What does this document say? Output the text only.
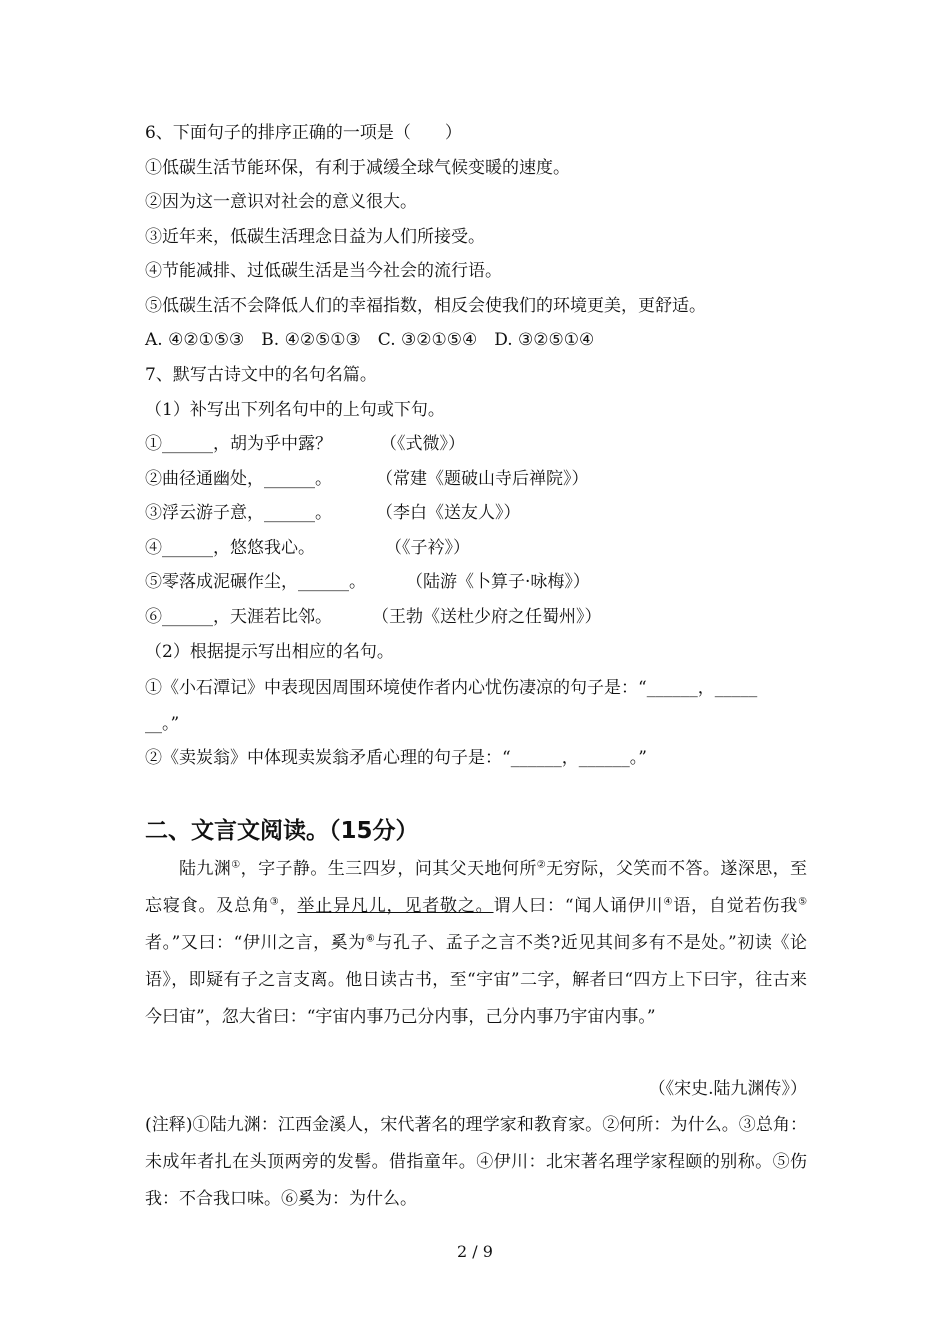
6、下面句子的排序正确的一项是（　　）
①低碳生活节能环保，有利于减缓全球气候变暖的速度。
②因为这一意识对社会的意义很大。
③近年来，低碳生活理念日益为人们所接受。
④节能减排、过低碳生活是当今社会的流行语。
⑤低碳生活不会降低人们的幸福指数，相反会使我们的环境更美，更舒适。
A. ④②①⑤③　B. ④②⑤①③　C. ③②①⑤④　D. ③②⑤①④
7、默写古诗文中的名句名篇。
（1）补写出下列名句中的上句或下句。
①______，胡为乎中露？	（《式微》）
②曲径通幽处，______。	（常建《题破山寺后禅院》）
③浮云游子意，______。	（李白《送友人》）
④______，悠悠我心。	（《子衿》）
⑤零落成泥碾作尘，______。 （陆游《卜算子·咏梅》）
⑥______，天涯若比邻。 （王勃《送杜少府之任蜀州》）
（2）根据提示写出相应的名句。
①《小石潭记》中表现因周围环境使作者内心忧伤凄凉的句子是：“______，_____
__。”
②《卖炭翁》中体现卖炭翁矛盾心理的句子是：“______，______。”
二、文言文阅读。（15分）
陆九渊①，字子静。生三四岁，问其父天地何所②无穷际，父笑而不答。遂深思，至忘寝食。及总角③，举止异凡儿，见者敬之。谓人曰：“闻人诵伊川④语，自觉若伤我⑤者。”又曰：“伊川之言，奚为⑥与孔子、孟子之言不类?近见其间多有不是处。”初读《论语》，即疑有子之言支离。他日读古书，至“宇宙”二字，解者曰“四方上下曰宇，往古来今曰宙”，忽大省曰：“宇宙内事乃己分内事，己分内事乃宇宙内事。”
（《宋史.陆九渊传》）
(注释)①陆九渊：江西金溪人，宋代著名的理学家和教育家。②何所：为什么。③总角：未成年者扎在头顶两旁的发髻。借指童年。④伊川：北宋著名理学家程颐的别称。⑤伤我：不合我口味。⑥奚为：为什么。
2 / 9
